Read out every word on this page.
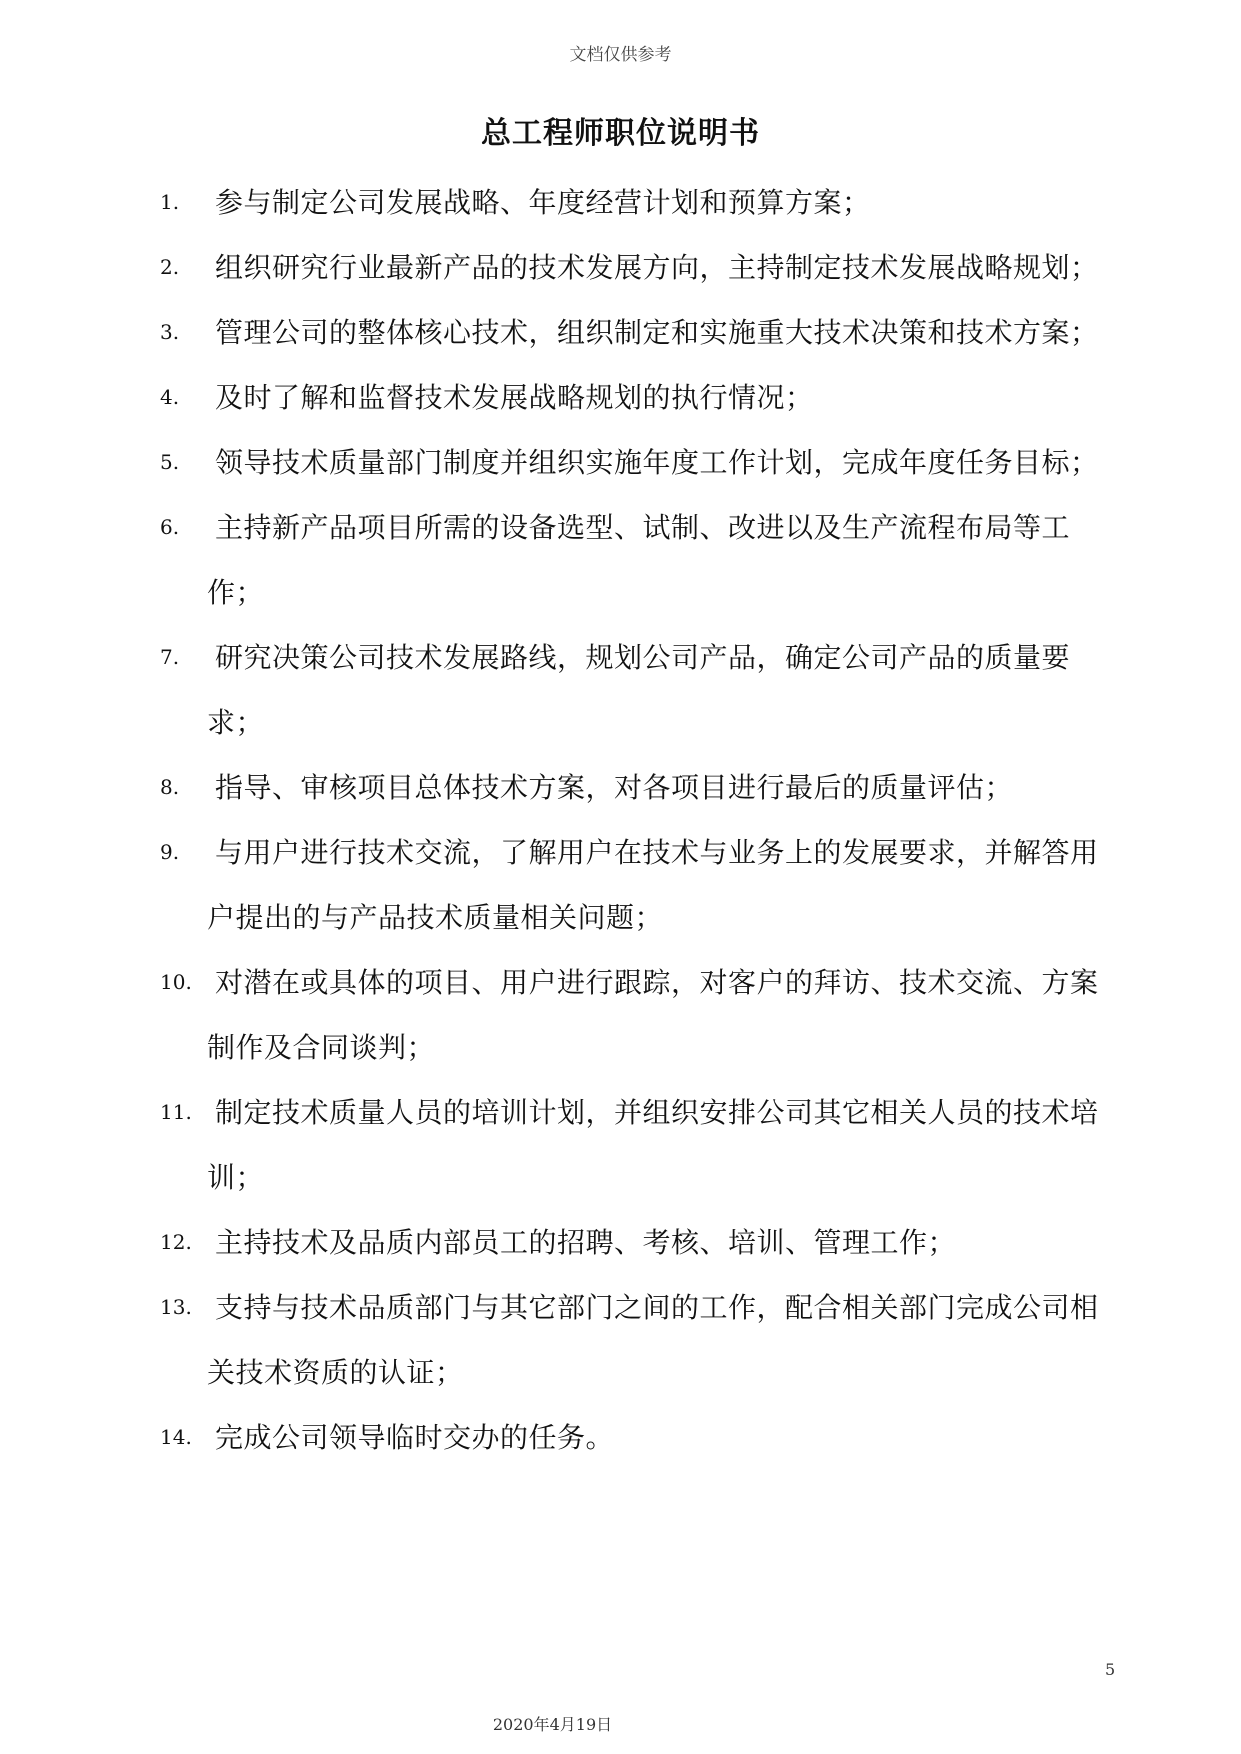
文档仅供参考
总工程师职位说明书
1. 参与制定公司发展战略、年度经营计划和预算方案；
2. 组织研究行业最新产品的技术发展方向，主持制定技术发展战略规划；
3. 管理公司的整体核心技术，组织制定和实施重大技术决策和技术方案；
4. 及时了解和监督技术发展战略规划的执行情况；
5. 领导技术质量部门制度并组织实施年度工作计划，完成年度任务目标；
6. 主持新产品项目所需的设备选型、试制、改进以及生产流程布局等工作；
7. 研究决策公司技术发展路线，规划公司产品，确定公司产品的质量要求；
8. 指导、审核项目总体技术方案，对各项目进行最后的质量评估；
9. 与用户进行技术交流，了解用户在技术与业务上的发展要求，并解答用户提出的与产品技术质量相关问题；
10. 对潜在或具体的项目、用户进行跟踪，对客户的拜访、技术交流、方案制作及合同谈判；
11. 制定技术质量人员的培训计划，并组织安排公司其它相关人员的技术培训；
12. 主持技术及品质内部员工的招聘、考核、培训、管理工作；
13. 支持与技术品质部门与其它部门之间的工作，配合相关部门完成公司相关技术资质的认证；
14. 完成公司领导临时交办的任务。
5
2020年4月19日
